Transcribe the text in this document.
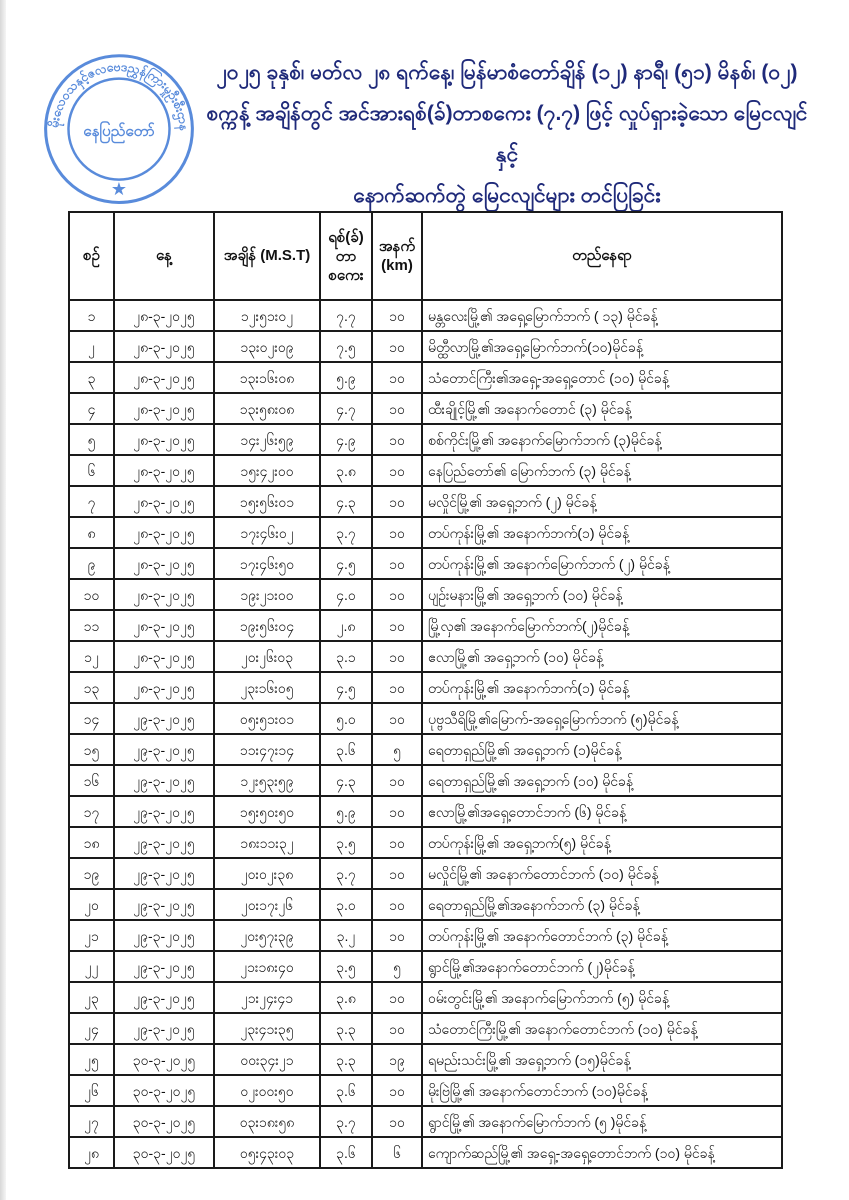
မိုးလေဝသနှင့်ဇလဗေဒညွှန်ကြားမှုဦးစီးဌာန
နေပြည်တော်
★
၂၀၂၅ ခုနှစ်၊ မတ်လ ၂၈ ရက်နေ့၊ မြန်မာစံတော်ချိန် (၁၂) နာရီ၊ (၅၁) မိနစ်၊ (၀၂)
စက္ကန့် အချိန်တွင် အင်အားရစ်(ခ်)တာစကေး (၇.၇) ဖြင့် လှုပ်ရှားခဲ့သော မြေငလျင်နှင့်
နောက်ဆက်တွဲ မြေငလျင်များ တင်ပြခြင်း
စဉ်	နေ့	အချိန် (M.S.T)	ရစ်(ခ်) တာ စကေး	အနက် (km)	တည်နေရာ
၁	၂၈-၃-၂၀၂၅	၁၂း၅၁း၀၂	၇.၇	၁၀	မန္တလေးမြို့၏ အရှေ့မြောက်ဘက် ( ၁၃) မိုင်ခန့်
၂	၂၈-၃-၂၀၂၅	၁၃း၀၂း၀၉	၇.၅	၁၀	မိတ္ထီလာမြို့၏အရှေ့မြောက်ဘက်(၁၀)မိုင်ခန့်
၃	၂၈-၃-၂၀၂၅	၁၃း၁၆း၀၈	၅.၉	၁၀	သံတောင်ကြီး၏အရှေ့-အရှေ့တောင် (၁၀) မိုင်ခန့်
၄	၂၈-၃-၂၀၂၅	၁၃း၅၈း၀၈	၄.၇	၁၀	ထီးချိုင့်မြို့၏ အနောက်တောင် (၃) မိုင်ခန့်
၅	၂၈-၃-၂၀၂၅	၁၄း၂၆း၅၉	၄.၉	၁၀	စစ်ကိုင်းမြို့၏ အနောက်မြောက်ဘက် (၃)မိုင်ခန့်
၆	၂၈-၃-၂၀၂၅	၁၅း၄၂း၀၀	၃.၈	၁၀	နေပြည်တော်၏ မြောက်ဘက် (၃) မိုင်ခန့်
၇	၂၈-၃-၂၀၂၅	၁၅း၅၆း၀၁	၄.၃	၁၀	မလှိုင်မြို့၏ အရှေ့ဘက် (၂) မိုင်ခန့်
၈	၂၈-၃-၂၀၂၅	၁၇း၄၆း၀၂	၃.၇	၁၀	တပ်ကုန်းမြို့၏ အနောက်ဘက်(၁) မိုင်ခန့်
၉	၂၈-၃-၂၀၂၅	၁၇း၄၆း၅၀	၄.၅	၁၀	တပ်ကုန်းမြို့၏ အနောက်မြောက်ဘက် (၂) မိုင်ခန့်
၁၀	၂၈-၃-၂၀၂၅	၁၉း၂၁း၀၀	၄.၀	၁၀	ပျဉ်းမနားမြို့၏ အရှေ့ဘက် (၁၀) မိုင်ခန့်
၁၁	၂၈-၃-၂၀၂၅	၁၉း၅၆း၀၄	၂.၈	၁၀	မြို့လှ၏ အနောက်မြောက်ဘက်(၂)မိုင်ခန့်
၁၂	၂၈-၃-၂၀၂၅	၂၀း၂၆း၀၃	၃.၁	၁၀	ဧလာမြို့၏ အရှေ့ဘက် (၁၀) မိုင်ခန့်
၁၃	၂၈-၃-၂၀၂၅	၂၃း၁၆း၀၅	၄.၅	၁၀	တပ်ကုန်းမြို့၏ အနောက်ဘက်(၁) မိုင်ခန့်
၁၄	၂၉-၃-၂၀၂၅	၀၅း၅၁း၀၁	၅.၀	၁၀	ပုဗ္ဗသီရိမြို့၏မြောက်-အရှေ့မြောက်ဘက် (၅)မိုင်ခန့်
၁၅	၂၉-၃-၂၀၂၅	၁၁း၄၇း၁၄	၃.၆	၅	ရေတာရှည်မြို့၏ အရှေ့ဘက် (၁)မိုင်ခန့်
၁၆	၂၉-၃-၂၀၂၅	၁၂း၅၃း၅၉	၄.၃	၁၀	ရေတာရှည်မြို့၏ အရှေ့ဘက် (၁၀) မိုင်ခန့်
၁၇	၂၉-၃-၂၀၂၅	၁၅း၅၀း၅၀	၅.၉	၁၀	ဧလာမြို့၏အရှေ့တောင်ဘက် (၆) မိုင်ခန့်
၁၈	၂၉-၃-၂၀၂၅	၁၈း၁၁း၃၂	၃.၅	၁၀	တပ်ကုန်းမြို့၏ အရှေ့ဘက်(၅) မိုင်ခန့်
၁၉	၂၉-၃-၂၀၂၅	၂၀း၀၂း၃၈	၃.၇	၁၀	မလှိုင်မြို့၏ အနောက်တောင်ဘက် (၁၀) မိုင်ခန့်
၂၀	၂၉-၃-၂၀၂၅	၂၀း၁၇း၂၆	၃.၀	၁၀	ရေတာရှည်မြို့၏အနောက်ဘက် (၃) မိုင်ခန့်
၂၁	၂၉-၃-၂၀၂၅	၂၀း၅၇း၃၉	၃.၂	၁၀	တပ်ကုန်းမြို့၏ အနောက်တောင်ဘက် (၃) မိုင်ခန့်
၂၂	၂၉-၃-၂၀၂၅	၂၁း၁၈း၄၀	၃.၅	၅	ရွာင်မြို့၏အနောက်တောင်ဘက် (၂)မိုင်ခန့်
၂၃	၂၉-၃-၂၀၂၅	၂၁း၂၄း၄၁	၃.၈	၁၀	ဝမ်းတွင်းမြို့၏ အနောက်မြောက်ဘက် (၅) မိုင်ခန့်
၂၄	၂၉-၃-၂၀၂၅	၂၃း၄၁း၃၅	၃.၃	၁၀	သံတောင်ကြီးမြို့၏ အနောက်တောင်ဘက် (၁၀) မိုင်ခန့်
၂၅	၃၀-၃-၂၀၂၅	၀၀း၃၄း၂၁	၃.၃	၁၉	ရမည်းသင်းမြို့၏ အရှေ့ဘက် (၁၅)မိုင်ခန့်
၂၆	၃၀-၃-၂၀၂၅	၀၂း၀၀း၅၀	၃.၆	၁၀	မိုးဗြဲမြို့၏ အနောက်တောင်ဘက် (၁၀)မိုင်ခန့်
၂၇	၃၀-၃-၂၀၂၅	၀၃း၁၈း၅၈	၃.၇	၁၀	ရွာင်မြို့၏ အနောက်မြောက်ဘက် (၅ )မိုင်ခန့်
၂၈	၃၀-၃-၂၀၂၅	၀၅း၄၃း၀၃	၃.၆	၆	ကျောက်ဆည်မြို့၏ အရှေ့-အရှေ့တောင်ဘက် (၁၀) မိုင်ခန့်
